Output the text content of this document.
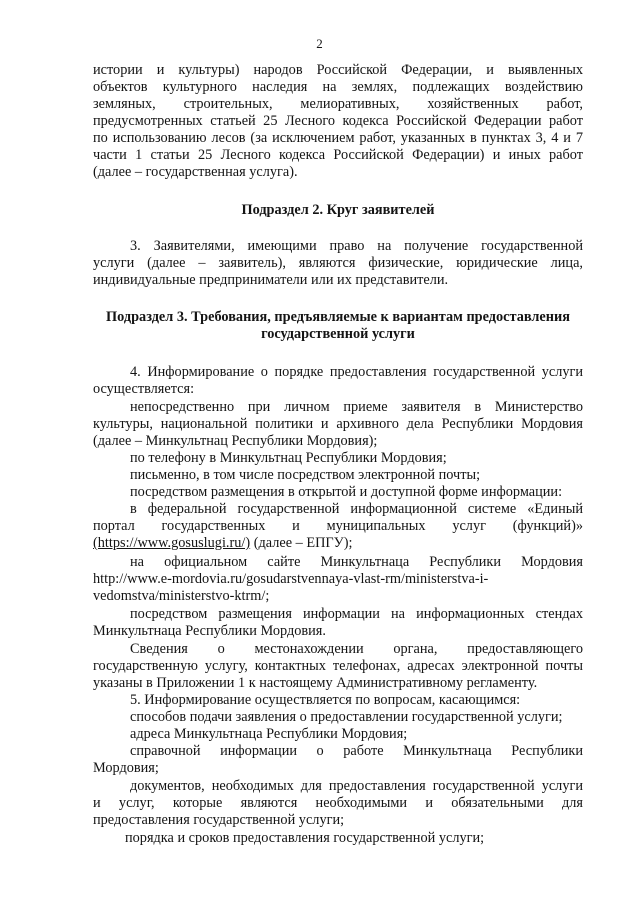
2
истории и культуры) народов Российской Федерации, и выявленных
объектов культурного наследия на землях, подлежащих воздействию
земляных, строительных, мелиоративных, хозяйственных работ,
предусмотренных статьей 25 Лесного кодекса Российской Федерации работ
по использованию лесов (за исключением работ, указанных в пунктах 3, 4 и 7
части 1 статьи 25 Лесного кодекса Российской Федерации) и иных работ
(далее – государственная услуга).
Подраздел 2. Круг заявителей
3. Заявителями, имеющими право на получение государственной
услуги (далее – заявитель), являются физические, юридические лица,
индивидуальные предприниматели или их представители.
Подраздел 3. Требования, предъявляемые к вариантам предоставления
государственной услуги
4. Информирование о порядке предоставления государственной услуги
осуществляется:
непосредственно при личном приеме заявителя в Министерство
культуры, национальной политики и архивного дела Республики Мордовия
(далее – Минкультнац Республики Мордовия);
по телефону в Минкультнац Республики Мордовия;
письменно, в том числе посредством электронной почты;
посредством размещения в открытой и доступной форме информации:
в федеральной государственной информационной системе «Единый
портал государственных и муниципальных услуг (функций)»
(https://www.gosuslugi.ru/) (далее – ЕПГУ);
на официальном сайте Минкультнаца Республики Мордовия
http://www.e-mordovia.ru/gosudarstvennaya-vlast-rm/ministerstva-i-
vedomstva/ministerstvo-ktrm/;
посредством размещения информации на информационных стендах
Минкультнаца Республики Мордовия.
Сведения о местонахождении органа, предоставляющего
государственную услугу, контактных телефонах, адресах электронной почты
указаны в Приложении 1 к настоящему Административному регламенту.
5. Информирование осуществляется по вопросам, касающимся:
способов подачи заявления о предоставлении государственной услуги;
адреса Минкультнаца Республики Мордовия;
справочной информации о работе Минкультнаца Республики
Мордовия;
документов, необходимых для предоставления государственной услуги
и услуг, которые являются необходимыми и обязательными для
предоставления государственной услуги;
порядка и сроков предоставления государственной услуги;
